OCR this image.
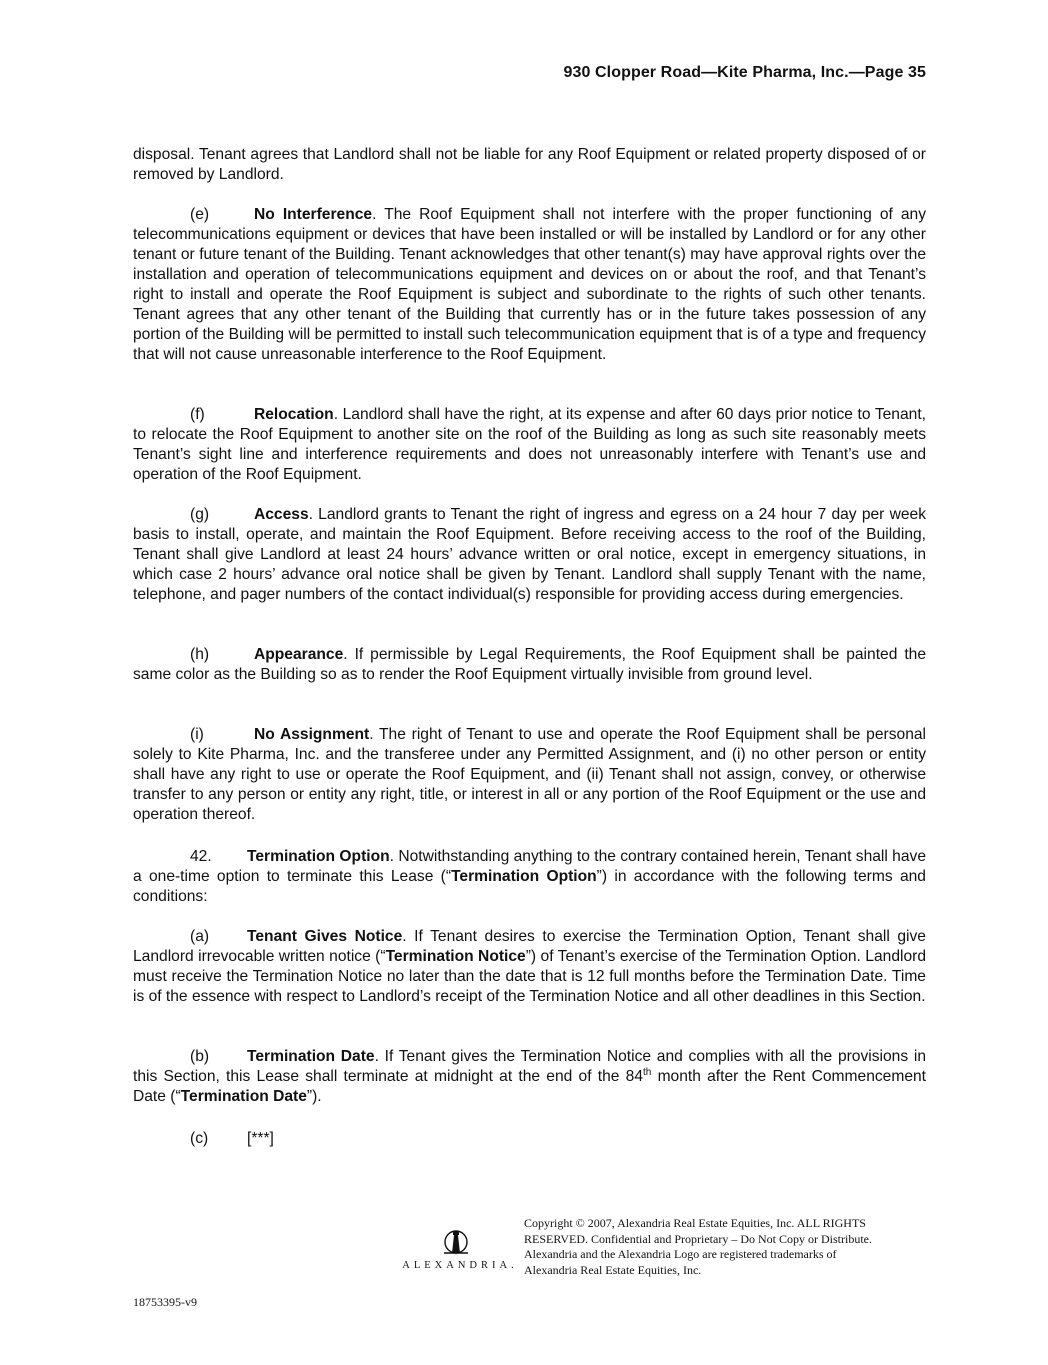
930 Clopper Road—Kite Pharma, Inc.—Page 35

disposal. Tenant agrees that Landlord shall not be liable for any Roof Equipment or related property disposed of or removed by Landlord.

(e)	No Interference. The Roof Equipment shall not interfere with the proper functioning of any telecommunications equipment or devices that have been installed or will be installed by Landlord or for any other tenant or future tenant of the Building. Tenant acknowledges that other tenant(s) may have approval rights over the installation and operation of telecommunications equipment and devices on or about the roof, and that Tenant’s right to install and operate the Roof Equipment is subject and subordinate to the rights of such other tenants. Tenant agrees that any other tenant of the Building that currently has or in the future takes possession of any portion of the Building will be permitted to install such telecommunication equipment that is of a type and frequency that will not cause unreasonable interference to the Roof Equipment.

(f)	Relocation. Landlord shall have the right, at its expense and after 60 days prior notice to Tenant, to relocate the Roof Equipment to another site on the roof of the Building as long as such site reasonably meets Tenant’s sight line and interference requirements and does not unreasonably interfere with Tenant’s use and operation of the Roof Equipment.

(g)	Access. Landlord grants to Tenant the right of ingress and egress on a 24 hour 7 day per week basis to install, operate, and maintain the Roof Equipment. Before receiving access to the roof of the Building, Tenant shall give Landlord at least 24 hours’ advance written or oral notice, except in emergency situations, in which case 2 hours’ advance oral notice shall be given by Tenant. Landlord shall supply Tenant with the name, telephone, and pager numbers of the contact individual(s) responsible for providing access during emergencies.

(h)	Appearance. If permissible by Legal Requirements, the Roof Equipment shall be painted the same color as the Building so as to render the Roof Equipment virtually invisible from ground level.

(i)	No Assignment. The right of Tenant to use and operate the Roof Equipment shall be personal solely to Kite Pharma, Inc. and the transferee under any Permitted Assignment, and (i) no other person or entity shall have any right to use or operate the Roof Equipment, and (ii) Tenant shall not assign, convey, or otherwise transfer to any person or entity any right, title, or interest in all or any portion of the Roof Equipment or the use and operation thereof.

42. Termination Option. Notwithstanding anything to the contrary contained herein, Tenant shall have a one-time option to terminate this Lease (“Termination Option”) in accordance with the following terms and conditions:

(a) Tenant Gives Notice. If Tenant desires to exercise the Termination Option, Tenant shall give Landlord irrevocable written notice (“Termination Notice”) of Tenant’s exercise of the Termination Option. Landlord must receive the Termination Notice no later than the date that is 12 full months before the Termination Date. Time is of the essence with respect to Landlord’s receipt of the Termination Notice and all other deadlines in this Section.

(b) Termination Date. If Tenant gives the Termination Notice and complies with all the provisions in this Section, this Lease shall terminate at midnight at the end of the 84th month after the Rent Commencement Date (“Termination Date”).

(c) [***]

ALEXANDRIA.
Copyright © 2007, Alexandria Real Estate Equities, Inc. ALL RIGHTS RESERVED. Confidential and Proprietary – Do Not Copy or Distribute. Alexandria and the Alexandria Logo are registered trademarks of Alexandria Real Estate Equities, Inc.
18753395-v9
